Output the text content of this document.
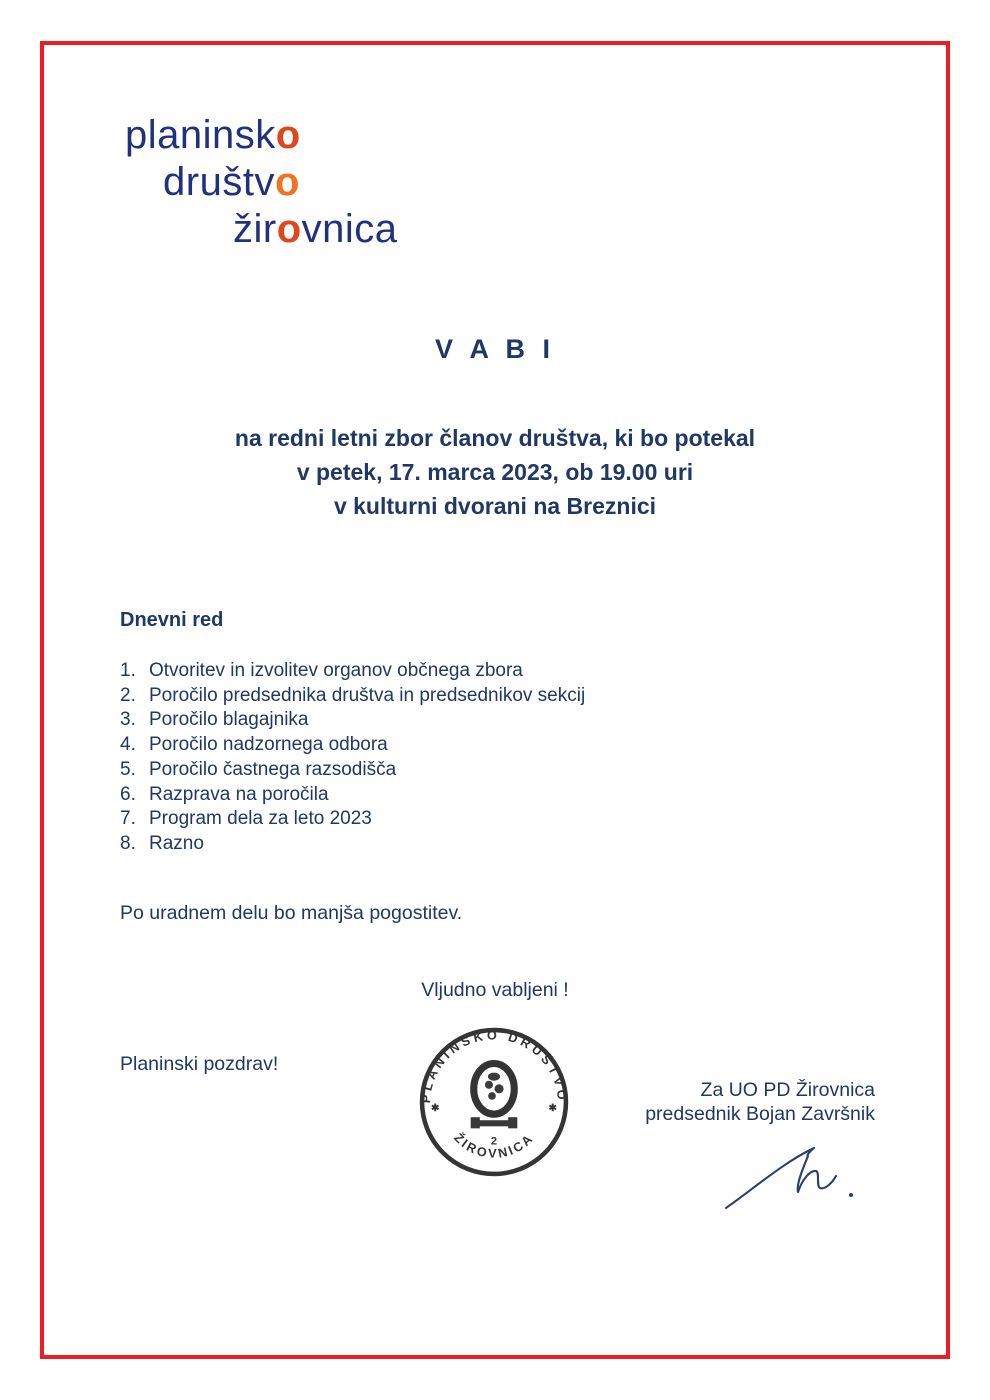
planinsko
društvo
žirovnica
V A B I
na redni letni zbor članov društva, ki bo potekal
v petek, 17. marca 2023, ob 19.00 uri
v kulturni dvorani na Breznici
Dnevni red
1. Otvoritev in izvolitev organov občnega zbora
2. Poročilo predsednika društva in predsednikov sekcij
3. Poročilo blagajnika
4. Poročilo nadzornega odbora
5. Poročilo častnega razsodišča
6. Razprava na poročila
7. Program dela za leto 2023
8. Razno
Po uradnem delu bo manjša pogostitev.
Vljudno vabljeni !
Planinski pozdrav!
PLANINSKO DRUŠTVO
ŽIROVNICA
✱	✱
2
Za UO PD Žirovnica
predsednik Bojan Završnik
